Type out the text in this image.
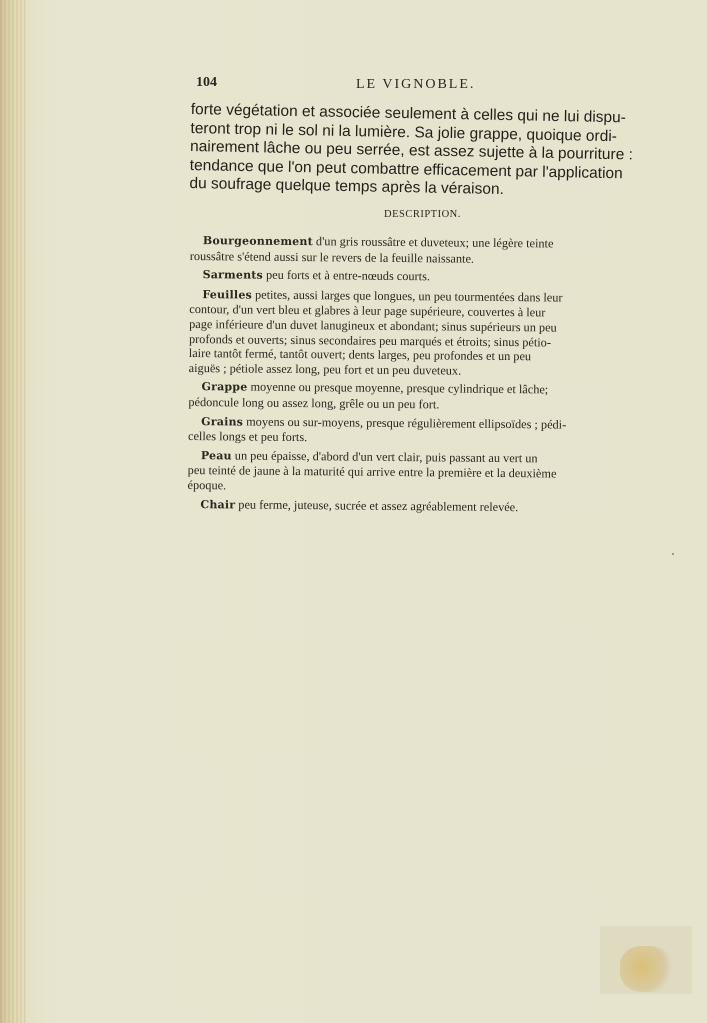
104	LE VIGNOBLE.
forte végétation et associée seulement à celles qui ne lui dispu-
teront trop ni le sol ni la lumière. Sa jolie grappe, quoique ordi-
nairement lâche ou peu serrée, est assez sujette à la pourriture :
tendance que l'on peut combattre efficacement par l'application
du soufrage quelque temps après la véraison.
DESCRIPTION.
Bourgeonnement d'un gris roussâtre et duveteux; une légère teinte
roussâtre s'étend aussi sur le revers de la feuille naissante.
Sarments peu forts et à entre-nœuds courts.
Feuilles petites, aussi larges que longues, un peu tourmentées dans leur
contour, d'un vert bleu et glabres à leur page supérieure, couvertes à leur
page inférieure d'un duvet lanugineux et abondant; sinus supérieurs un peu
profonds et ouverts; sinus secondaires peu marqués et étroits; sinus pétio-
laire tantôt fermé, tantôt ouvert; dents larges, peu profondes et un peu
aiguës ; pétiole assez long, peu fort et un peu duveteux.
Grappe moyenne ou presque moyenne, presque cylindrique et lâche;
pédoncule long ou assez long, grêle ou un peu fort.
Grains moyens ou sur-moyens, presque régulièrement ellipsoïdes ; pédi-
celles longs et peu forts.
Peau un peu épaisse, d'abord d'un vert clair, puis passant au vert un
peu teinté de jaune à la maturité qui arrive entre la première et la deuxième
époque.
Chair peu ferme, juteuse, sucrée et assez agréablement relevée.
